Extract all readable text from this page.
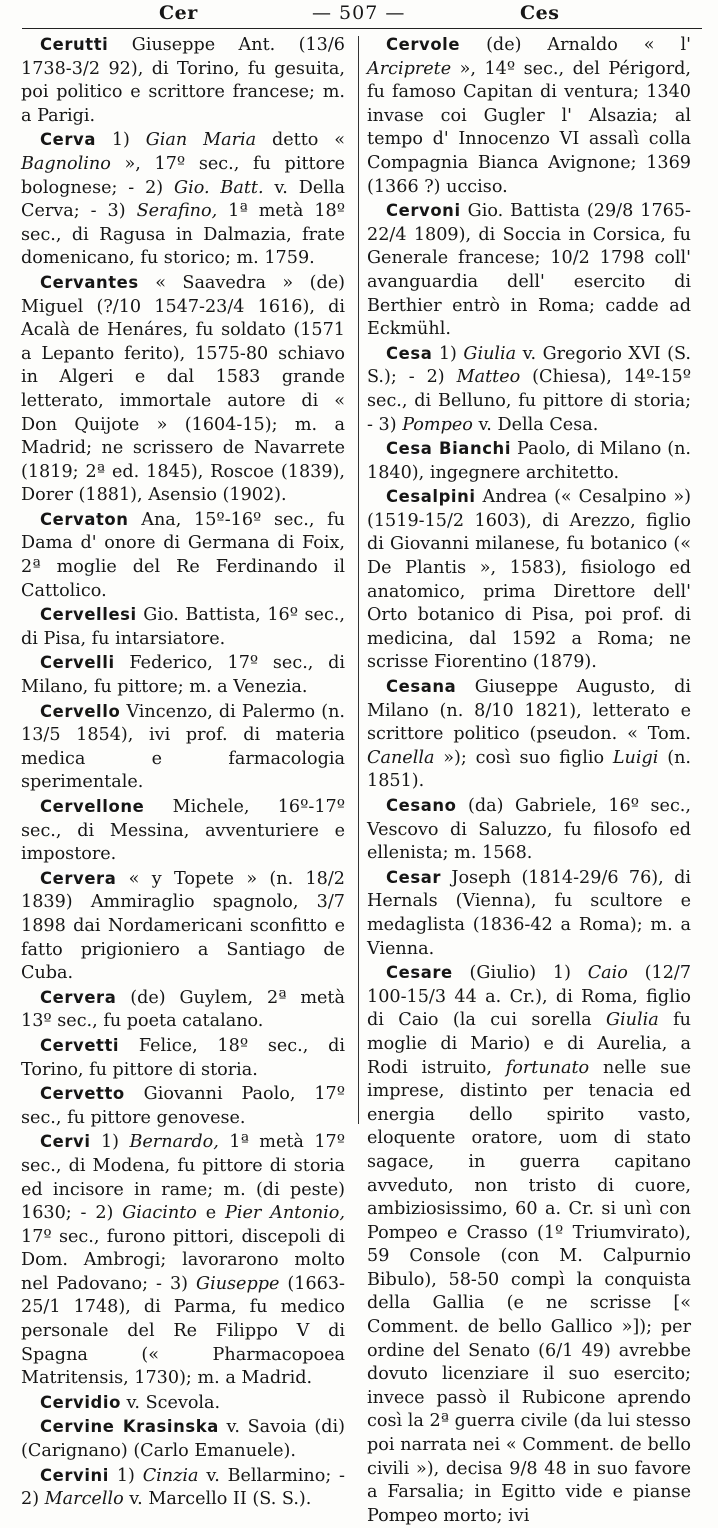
Cer	— 507 —	Ces

Cerutti Giuseppe Ant. (13/6 1738-3/2 92), di Torino, fu gesuita, poi politico e scrittore francese; m. a Parigi.

Cerva 1) Gian Maria detto « Bagnolino », 17º sec., fu pittore bolognese; - 2) Gio. Batt. v. Della Cerva; - 3) Serafino, 1ª metà 18º sec., di Ragusa in Dalmazia, frate domenicano, fu storico; m. 1759.

Cervantes « Saavedra » (de) Miguel (?/10 1547-23/4 1616), di Acalà de Henáres, fu soldato (1571 a Lepanto ferito), 1575-80 schiavo in Algeri e dal 1583 grande letterato, immortale autore di « Don Quijote » (1604-15); m. a Madrid; ne scrissero de Navarrete (1819; 2ª ed. 1845), Roscoe (1839), Dorer (1881), Asensio (1902).

Cervaton Ana, 15º-16º sec., fu Dama d' onore di Germana di Foix, 2ª moglie del Re Ferdinando il Cattolico.

Cervellesi Gio. Battista, 16º sec., di Pisa, fu intarsiatore.

Cervelli Federico, 17º sec., di Milano, fu pittore; m. a Venezia.

Cervello Vincenzo, di Palermo (n. 13/5 1854), ivi prof. di materia medica e farmacologia sperimentale.

Cervellone Michele, 16º-17º sec., di Messina, avventuriere e impostore.

Cervera « y Topete » (n. 18/2 1839) Ammiraglio spagnolo, 3/7 1898 dai Nordamericani sconfitto e fatto prigioniero a Santiago de Cuba.

Cervera (de) Guylem, 2ª metà 13º sec., fu poeta catalano.

Cervetti Felice, 18º sec., di Torino, fu pittore di storia.

Cervetto Giovanni Paolo, 17º sec., fu pittore genovese.

Cervi 1) Bernardo, 1ª metà 17º sec., di Modena, fu pittore di storia ed incisore in rame; m. (di peste) 1630; - 2) Giacinto e Pier Antonio, 17º sec., furono pittori, discepoli di Dom. Ambrogi; lavorarono molto nel Padovano; - 3) Giuseppe (1663-25/1 1748), di Parma, fu medico personale del Re Filippo V di Spagna (« Pharmacopoea Matritensis, 1730); m. a Madrid.

Cervidio v. Scevola.

Cervine Krasinska v. Savoia (di) (Carignano) (Carlo Emanuele).

Cervini 1) Cinzia v. Bellarmino; - 2) Marcello v. Marcello II (S. S.).

Cervole (de) Arnaldo « l' Arciprete », 14º sec., del Périgord, fu famoso Capitan di ventura; 1340 invase coi Gugler l' Alsazia; al tempo d' Innocenzo VI assalì colla Compagnia Bianca Avignone; 1369 (1366 ?) ucciso.

Cervoni Gio. Battista (29/8 1765-22/4 1809), di Soccia in Corsica, fu Generale francese; 10/2 1798 coll' avanguardia dell' esercito di Berthier entrò in Roma; cadde ad Eckmühl.

Cesa 1) Giulia v. Gregorio XVI (S. S.); - 2) Matteo (Chiesa), 14º-15º sec., di Belluno, fu pittore di storia; - 3) Pompeo v. Della Cesa.

Cesa Bianchi Paolo, di Milano (n. 1840), ingegnere architetto.

Cesalpini Andrea (« Cesalpino ») (1519-15/2 1603), di Arezzo, figlio di Giovanni milanese, fu botanico (« De Plantis », 1583), fisiologo ed anatomico, prima Direttore dell' Orto botanico di Pisa, poi prof. di medicina, dal 1592 a Roma; ne scrisse Fiorentino (1879).

Cesana Giuseppe Augusto, di Milano (n. 8/10 1821), letterato e scrittore politico (pseudon. « Tom. Canella »); così suo figlio Luigi (n. 1851).

Cesano (da) Gabriele, 16º sec., Vescovo di Saluzzo, fu filosofo ed ellenista; m. 1568.

Cesar Joseph (1814-29/6 76), di Hernals (Vienna), fu scultore e medaglista (1836-42 a Roma); m. a Vienna.

Cesare (Giulio) 1) Caio (12/7 100-15/3 44 a. Cr.), di Roma, figlio di Caio (la cui sorella Giulia fu moglie di Mario) e di Aurelia, a Rodi istruito, fortunato nelle sue imprese, distinto per tenacia ed energia dello spirito vasto, eloquente oratore, uom di stato sagace, in guerra capitano avveduto, non tristo di cuore, ambiziosissimo, 60 a. Cr. si unì con Pompeo e Crasso (1º Triumvirato), 59 Console (con M. Calpurnio Bibulo), 58-50 compì la conquista della Gallia (e ne scrisse [« Comment. de bello Gallico »]); per ordine del Senato (6/1 49) avrebbe dovuto licenziare il suo esercito; invece passò il Rubicone aprendo così la 2ª guerra civile (da lui stesso poi narrata nei « Comment. de bello civili »), decisa 9/8 48 in suo favore a Farsalia; in Egitto vide e pianse Pompeo morto; ivi
